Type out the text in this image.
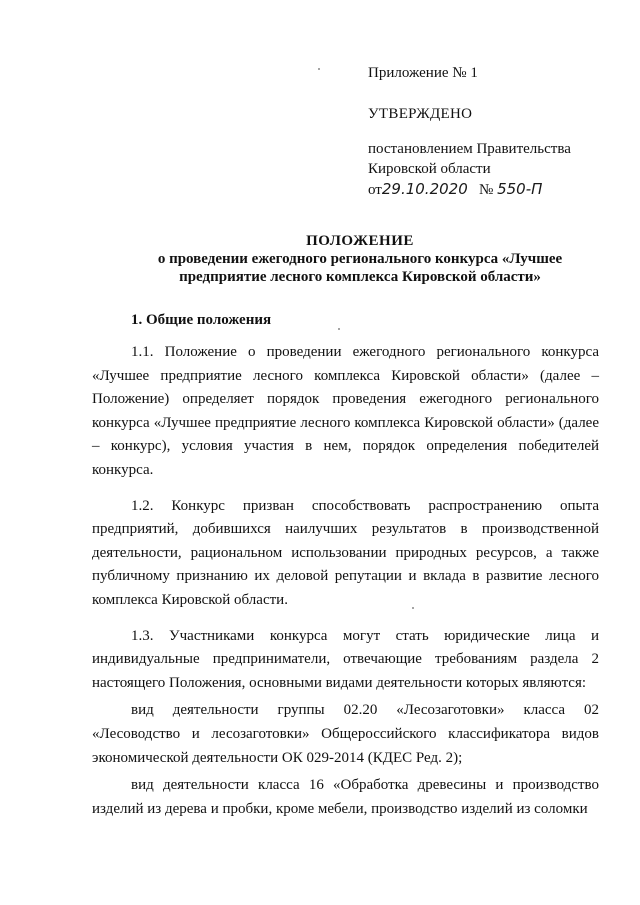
Приложение № 1
УТВЕРЖДЕНО
постановлением Правительства
Кировской области
от29.10.2020 № 550-П
ПОЛОЖЕНИЕ
о проведении ежегодного регионального конкурса «Лучшее
предприятие лесного комплекса Кировской области»
1. Общие положения

1.1. Положение о проведении ежегодного регионального конкурса «Лучшее предприятие лесного комплекса Кировской области» (далее – Положение) определяет порядок проведения ежегодного регионального конкурса «Лучшее предприятие лесного комплекса Кировской области» (далее – конкурс), условия участия в нем, порядок определения победителей конкурса.

1.2. Конкурс призван способствовать распространению опыта предприятий, добившихся наилучших результатов в производственной деятельности, рациональном использовании природных ресурсов, а также публичному признанию их деловой репутации и вклада в развитие лесного комплекса Кировской области.

1.3. Участниками конкурса могут стать юридические лица и индивидуальные предприниматели, отвечающие требованиям раздела 2 настоящего Положения, основными видами деятельности которых являются:

вид деятельности группы 02.20 «Лесозаготовки» класса 02 «Лесоводство и лесозаготовки» Общероссийского классификатора видов экономической деятельности ОК 029-2014 (КДЕС Ред. 2);

вид деятельности класса 16 «Обработка древесины и производство изделий из дерева и пробки, кроме мебели, производство изделий из соломки
